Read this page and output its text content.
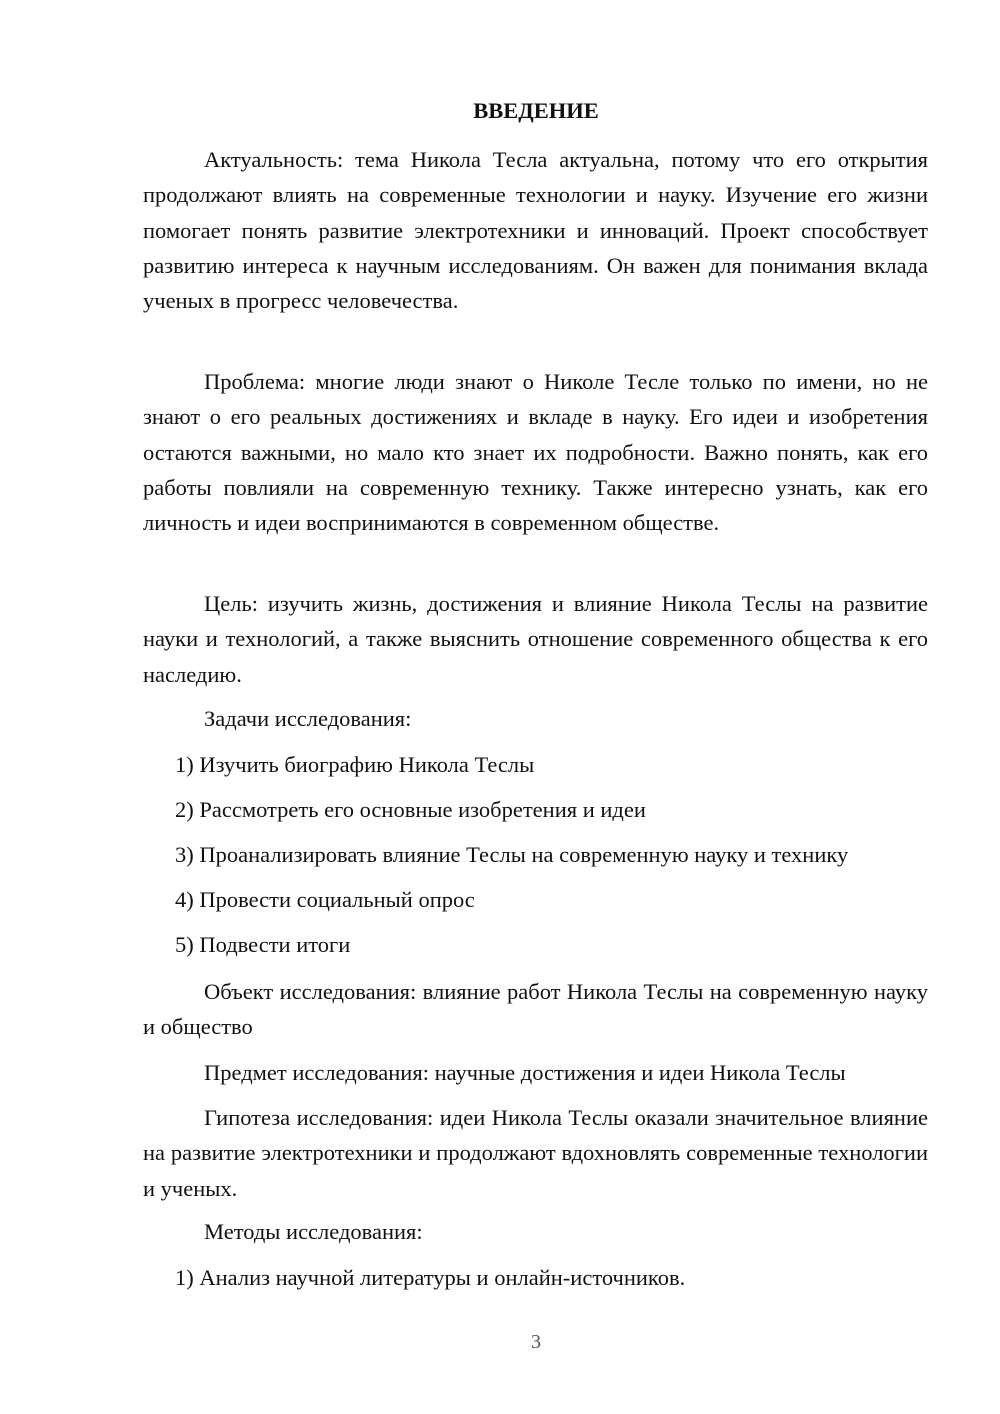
ВВЕДЕНИЕ

Актуальность: тема Никола Тесла актуальна, потому что его открытия продолжают влиять на современные технологии и науку. Изучение его жизни помогает понять развитие электротехники и инноваций. Проект способствует развитию интереса к научным исследованиям. Он важен для понимания вклада ученых в прогресс человечества.

Проблема: многие люди знают о Николе Тесле только по имени, но не знают о его реальных достижениях и вкладе в науку. Его идеи и изобретения остаются важными, но мало кто знает их подробности. Важно понять, как его работы повлияли на современную технику. Также интересно узнать, как его личность и идеи воспринимаются в современном обществе.

Цель: изучить жизнь, достижения и влияние Никола Теслы на развитие науки и технологий, а также выяснить отношение современного общества к его наследию.

Задачи исследования:

1) Изучить биографию Никола Теслы

2) Рассмотреть его основные изобретения и идеи

3) Проанализировать влияние Теслы на современную науку и технику

4) Провести социальный опрос

5) Подвести итоги

Объект исследования: влияние работ Никола Теслы на современную науку и общество

Предмет исследования: научные достижения и идеи Никола Теслы

Гипотеза исследования: идеи Никола Теслы оказали значительное влияние на развитие электротехники и продолжают вдохновлять современные технологии и ученых.

Методы исследования:

1) Анализ научной литературы и онлайн-источников.

3
